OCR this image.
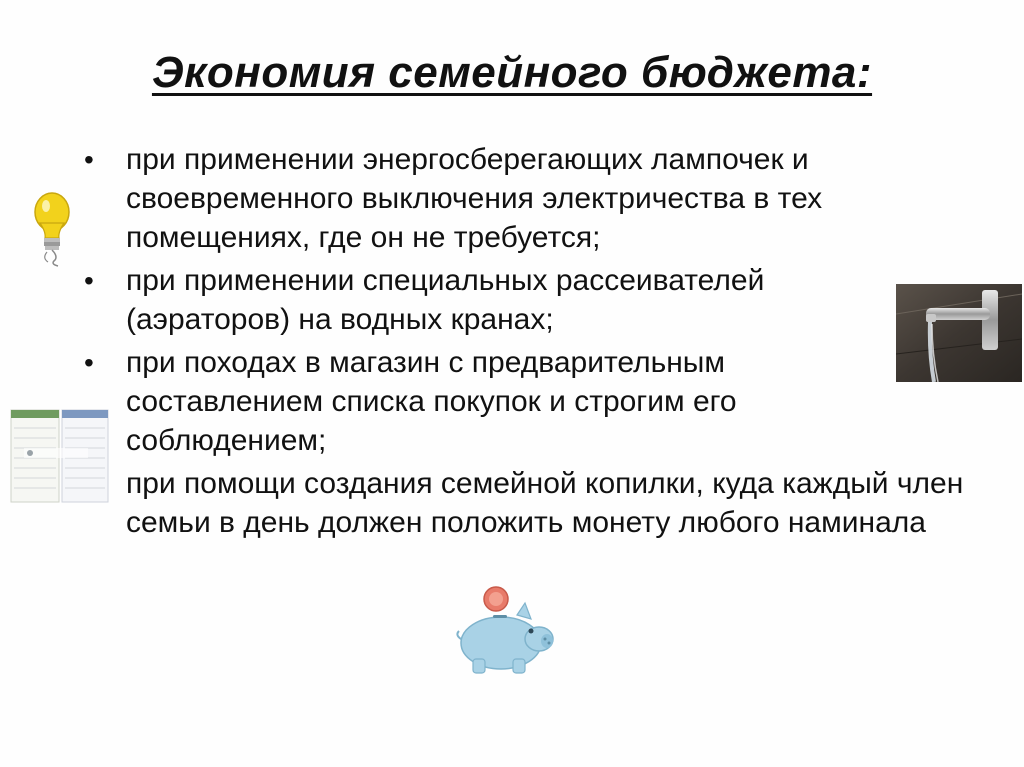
Экономия семейного бюджета:
• при применении энергосберегающих лампочек и своевременного выключения электричества в тех помещениях, где он не требуется;
• при применении специальных рассеивателей (аэраторов) на водных кранах;
• при походах в магазин с предварительным составлением списка покупок и строгим его соблюдением;
при помощи создания семейной копилки, куда каждый член семьи в день должен положить монету любого наминала
